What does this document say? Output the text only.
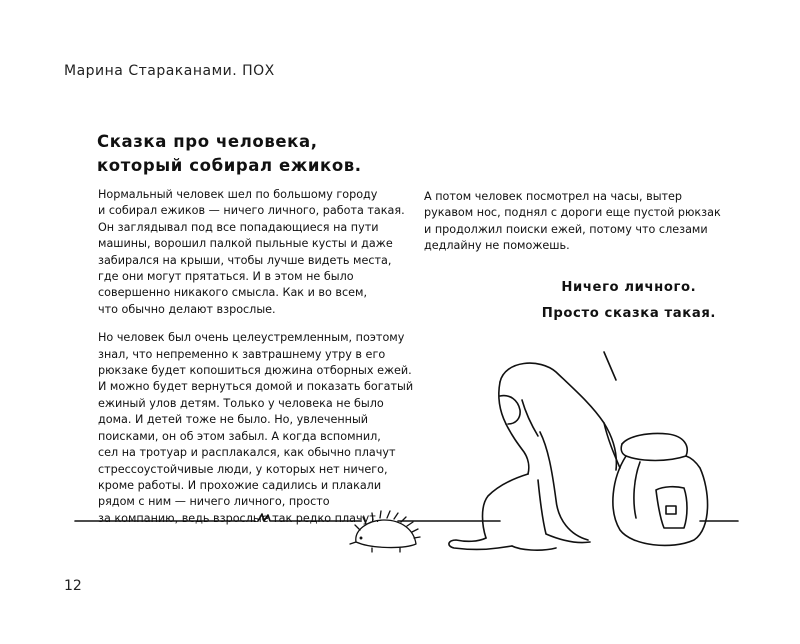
Марина Стараканами. ПОХ
Сказка про человека,
который собирал ежиков.

Нормальный человек шел по большому городу

и собирал ежиков — ничего личного, работа такая.

Он заглядывал под все попадающиеся на пути

машины, ворошил палкой пыльные кусты и даже

забирался на крыши, чтобы лучше видеть места,

где они могут прятаться. И в этом не было

совершенно никакого смысла. Как и во всем,

что обычно делают взрослые.

Но человек был очень целеустремленным, поэтому

знал, что непременно к завтрашнему утру в его

рюкзаке будет копошиться дюжина отборных ежей.

И можно будет вернуться домой и показать богатый

ежиный улов детям. Только у человека не было

дома. И детей тоже не было. Но, увлеченный

поисками, он об этом забыл. А когда вспомнил,

сел на тротуар и расплакался, как обычно плачут

стрессоустойчивые люди, у которых нет ничего,

кроме работы. И прохожие садились и плакали

рядом с ним — ничего личного, просто

за компанию, ведь взрослые так редко плачут.

А потом человек посмотрел на часы, вытер

рукавом нос, поднял с дороги еще пустой рюкзак

и продолжил поиски ежей, потому что слезами

дедлайну не поможешь.

Ничего личного.
Просто сказка такая.
12
